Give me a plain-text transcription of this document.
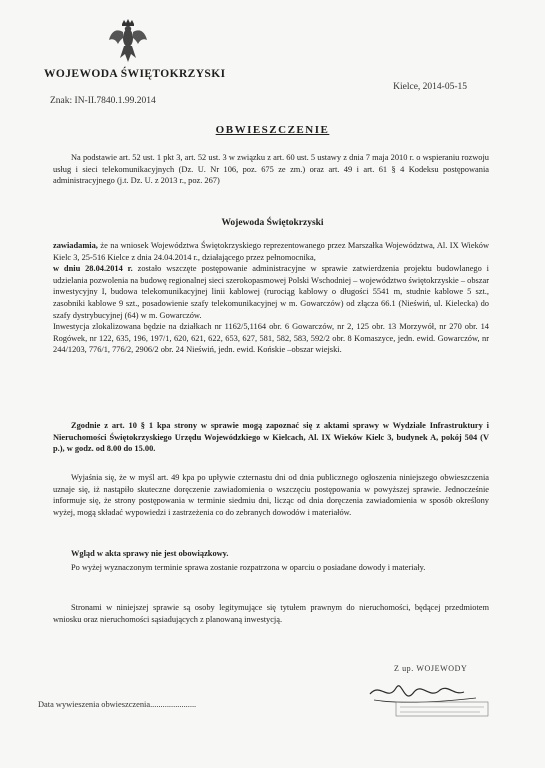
WOJEWODA ŚWIĘTOKRZYSKI
Kielce, 2014-05-15
Znak: IN-II.7840.1.99.2014
OBWIESZCZENIE
Na podstawie art. 52 ust. 1 pkt 3, art. 52 ust. 3 w związku z art. 60 ust. 5 ustawy z dnia 7 maja 2010 r. o wspieraniu rozwoju usług i sieci telekomunikacyjnych (Dz. U. Nr 106, poz. 675 ze zm.) oraz art. 49 i art. 61 § 4 Kodeksu postępowania administracyjnego (j.t. Dz. U. z 2013 r., poz. 267)
Wojewoda Świętokrzyski
zawiadamia, że na wniosek Województwa Świętokrzyskiego reprezentowanego przez Marszałka Województwa, Al. IX Wieków Kielc 3, 25-516 Kielce z dnia 24.04.2014 r., działającego przez pełnomocnika,

w dniu 28.04.2014 r. zostało wszczęte postępowanie administracyjne w sprawie zatwierdzenia projektu budowlanego i udzielania pozwolenia na budowę regionalnej sieci szerokopasmowej Polski Wschodniej – województwo świętokrzyskie – obszar inwestycyjny I, budowa telekomunikacyjnej linii kablowej (rurociąg kablowy o długości 5541 m, studnie kablowe 5 szt., zasobniki kablowe 9 szt., posadowienie szafy telekomunikacyjnej w m. Gowarczów) od złącza 66.1 (Nieświń, ul. Kielecka) do szafy dystrybucyjnej (64) w m. Gowarczów.

Inwestycja zlokalizowana będzie na działkach nr 1162/5,1164 obr. 6 Gowarczów, nr 2, 125 obr. 13 Morzywół, nr 270 obr. 14 Rogówek, nr 122, 635, 196, 197/1, 620, 621, 622, 653, 627, 581, 582, 583, 592/2 obr. 8 Komaszyce, jedn. ewid. Gowarczów, nr 244/1203, 776/1, 776/2, 2906/2 obr. 24 Nieświń, jedn. ewid. Końskie –obszar wiejski.

Zgodnie z art. 10 § 1 kpa strony w sprawie mogą zapoznać się z aktami sprawy w Wydziale Infrastruktury i Nieruchomości Świętokrzyskiego Urzędu Wojewódzkiego w Kielcach, Al. IX Wieków Kielc 3, budynek A, pokój 504 (V p.), w godz. od 8.00 do 15.00.
Wyjaśnia się, że w myśl art. 49 kpa po upływie czternastu dni od dnia publicznego ogłoszenia niniejszego obwieszczenia uznaje się, iż nastąpiło skuteczne doręczenie zawiadomienia o wszczęciu postępowania w powyższej sprawie. Jednocześnie informuje się, że strony postępowania w terminie siedmiu dni, licząc od dnia doręczenia zawiadomienia w sposób określony wyżej, mogą składać wypowiedzi i zastrzeżenia co do zebranych dowodów i materiałów.
Wgląd w akta sprawy nie jest obowiązkowy.
Po wyżej wyznaczonym terminie sprawa zostanie rozpatrzona w oparciu o posiadane dowody i materiały.
Stronami w niniejszej sprawie są osoby legitymujące się tytułem prawnym do nieruchomości, będącej przedmiotem wniosku oraz nieruchomości sąsiadujących z planowaną inwestycją.
Z up. WOJEWODY
Data wywieszenia obwieszczenia......................
